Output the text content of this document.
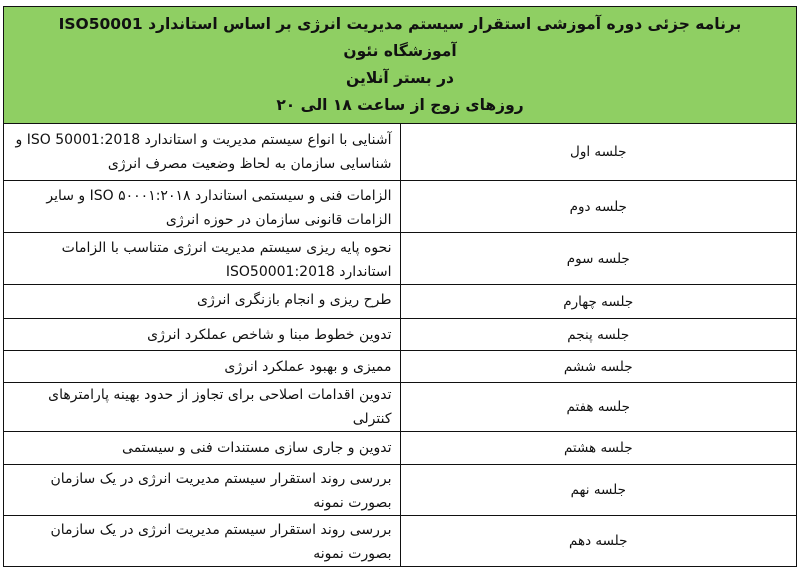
برنامه جزئی دوره آموزشی استقرار سیستم مدیریت انرژی بر اساس استاندارد ISO50001
آموزشگاه نئون
در بستر آنلاین
روزهای زوج از ساعت ۱۸ الی ۲۰	

جلسه اول	آشنایی با انواع سیستم مدیریت و استاندارد ISO 50001:2018 و شناسایی سازمان به لحاظ وضعیت مصرف انرژی
جلسه دوم	الزامات فنی و سیستمی استاندارد ISO ۵۰۰۰۱:۲۰۱۸ و سایر الزامات قانونی سازمان در حوزه انرژی
جلسه سوم	نحوه پایه ریزی سیستم مدیریت انرژی متناسب با الزامات استاندارد ISO50001:2018
جلسه چهارم	طرح ریزی و انجام بازنگری انرژی
جلسه پنجم	تدوین خطوط مبنا و شاخص عملکرد انرژی
جلسه ششم	ممیزی و بهبود عملکرد انرژی
جلسه هفتم	تدوین اقدامات اصلاحی برای تجاوز از حدود بهینه پارامترهای کنترلی
جلسه هشتم	تدوین و جاری سازی مستندات فنی و سیستمی
جلسه نهم	بررسی روند استقرار سیستم مدیریت انرژی در یک سازمان بصورت نمونه
جلسه دهم	بررسی روند استقرار سیستم مدیریت انرژی در یک سازمان بصورت نمونه
